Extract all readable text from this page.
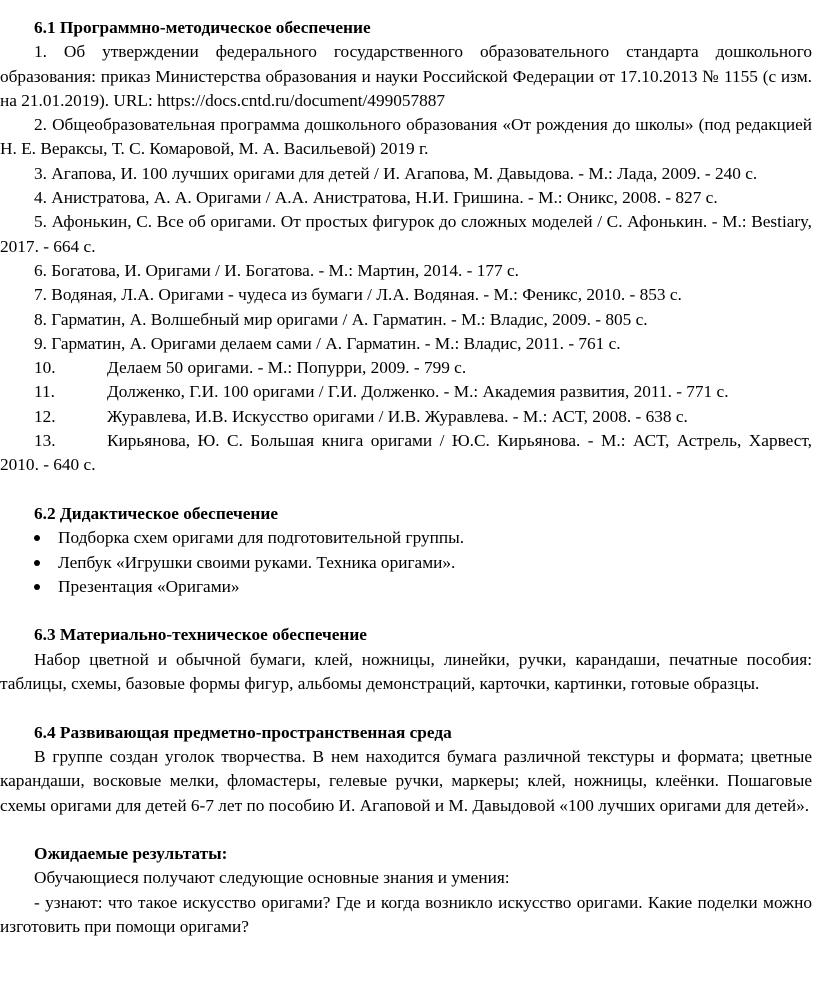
6.1 Программно-методическое обеспечение

1. Об утверждении федерального государственного образовательного стандарта дошкольного образования: приказ Министерства образования и науки Российской Федерации от 17.10.2013 № 1155 (с изм. на 21.01.2019). URL: https://docs.cntd.ru/document/499057887

2. Общеобразовательная программа дошкольного образования «От рождения до школы» (под редакцией Н. Е. Вераксы, Т. С. Комаровой, М. А. Васильевой) 2019 г.

3. Агапова, И. 100 лучших оригами для детей / И. Агапова, М. Давыдова. - М.: Лада, 2009. - 240 с.

4. Анистратова, А. А. Оригами / А.А. Анистратова, Н.И. Гришина. - М.: Оникс, 2008. - 827 с.

5. Афонькин, С. Все об оригами. От простых фигурок до сложных моделей / С. Афонькин. - М.: Bestiary, 2017. - 664 с.

6. Богатова, И. Оригами / И. Богатова. - М.: Мартин, 2014. - 177 с.

7. Водяная, Л.А. Оригами - чудеса из бумаги / Л.А. Водяная. - М.: Феникс, 2010. - 853 с.

8. Гарматин, А. Волшебный мир оригами / А. Гарматин. - М.: Владис, 2009. - 805 с.

9. Гарматин, А. Оригами делаем сами / А. Гарматин. - М.: Владис, 2011. - 761 с.

10.	Делаем 50 оригами. - М.: Попурри, 2009. - 799 с.

11.	Долженко, Г.И. 100 оригами / Г.И. Долженко. - М.: Академия развития, 2011. - 771 с.

12.	Журавлева, И.В. Искусство оригами / И.В. Журавлева. - М.: АСТ, 2008. - 638 с.

13.	Кирьянова, Ю. С. Большая книга оригами / Ю.С. Кирьянова. - М.: АСТ, Астрель, Харвест, 2010. - 640 с.

6.2 Дидактическое обеспечение

Подборка схем оригами для подготовительной группы.
Лепбук «Игрушки своими руками. Техника оригами».
Презентация «Оригами»

6.3 Материально-техническое обеспечение

Набор цветной и обычной бумаги, клей, ножницы, линейки, ручки, карандаши, печатные пособия: таблицы, схемы, базовые формы фигур, альбомы демонстраций, карточки, картинки, готовые образцы.

6.4 Развивающая предметно-пространственная среда

В группе создан уголок творчества. В нем находится бумага различной текстуры и формата; цветные карандаши, восковые мелки, фломастеры, гелевые ручки, маркеры; клей, ножницы, клеёнки. Пошаговые схемы оригами для детей 6-7 лет по пособию И. Агаповой и М. Давыдовой «100 лучших оригами для детей».

Ожидаемые результаты:

Обучающиеся получают следующие основные знания и умения:

- узнают: что такое искусство оригами? Где и когда возникло искусство оригами. Какие поделки можно изготовить при помощи оригами?
